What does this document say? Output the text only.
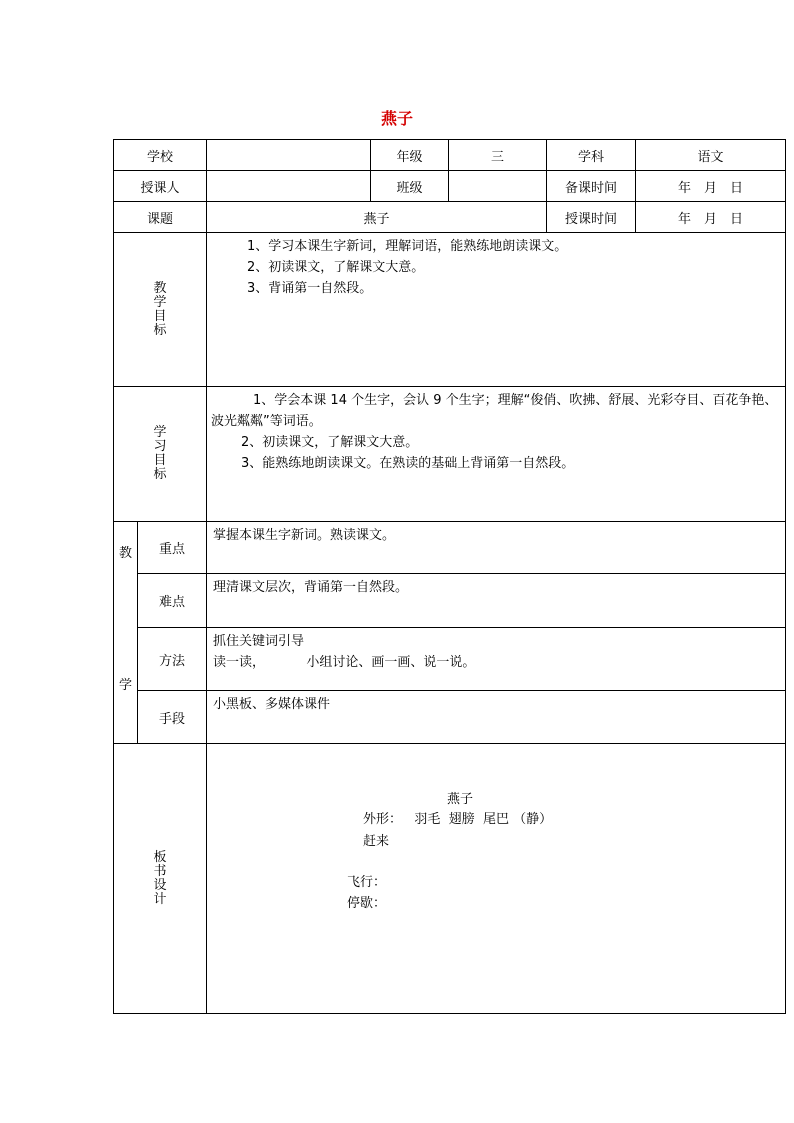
燕子
学校			年级	三	学科	语文
授课人			班级		备课时间	年　月　日
课题		燕子			授课时间	年　月　日
教学目标		1、学习本课生字新词，理解词语，能熟练地朗读课文。
2、初读课文，了解课文大意。
3、背诵第一自然段。				

学习目标		1、学会本课 14 个生字，会认 9 个生字；理解“俊俏、吹拂、舒展、光彩夺目、百花争艳、波光粼粼”等词语。
2、初读课文，了解课文大意。
3、能熟练地朗读课文。在熟读的基础上背诵第一自然段。				

教
学	重点	掌握本课生字新词。熟读课文。				
	难点	理清课文层次，背诵第一自然段。				
	方法	抓住关键词引导
读一读，          小组讨论、画一画、说一说。				

	手段	小黑板、多媒体课件				
板书设计		燕子
外形：   羽毛  翅膀  尾巴 （静）
赶来
飞行：
停歇：				
